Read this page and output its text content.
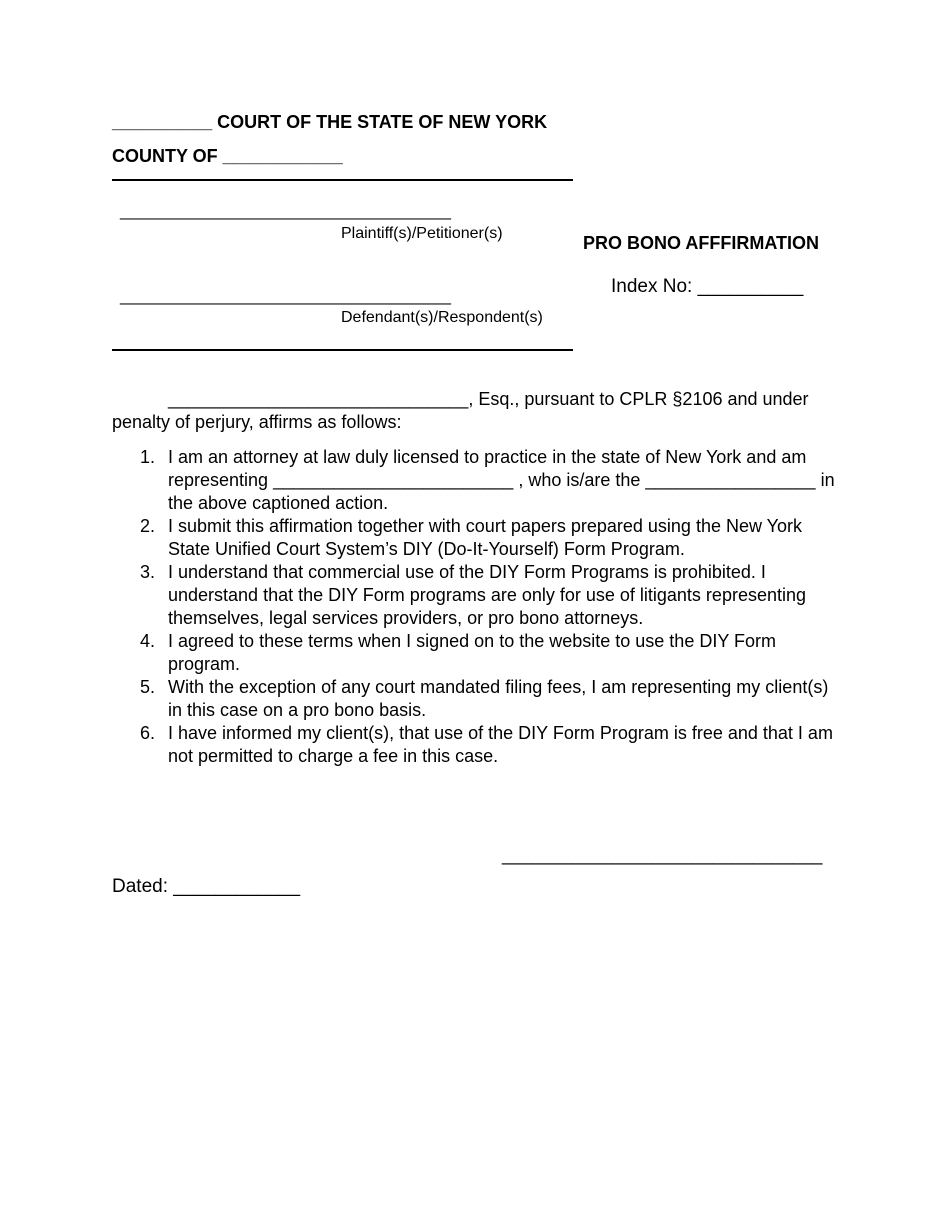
__________ COURT OF THE STATE OF NEW YORK
COUNTY OF ____________
___________________________________
Plaintiff(s)/Petitioner(s)
___________________________________
Defendant(s)/Respondent(s)
PRO BONO AFFFIRMATION
Index No: __________
______________________________, Esq., pursuant to CPLR §2106 and under
penalty of perjury, affirms as follows:
1. I am an attorney at law duly licensed to practice in the state of New York and am representing ________________________ , who is/are the _________________ in the above captioned action.
2. I submit this affirmation together with court papers prepared using the New York State Unified Court System’s DIY (Do-It-Yourself) Form Program.
3. I understand that commercial use of the DIY Form Programs is prohibited. I understand that the DIY Form programs are only for use of litigants representing themselves, legal services providers, or pro bono attorneys.
4. I agreed to these terms when I signed on to the website to use the DIY Form program.
5. With the exception of any court mandated filing fees, I am representing my client(s) in this case on a pro bono basis.
6. I have informed my client(s), that use of the DIY Form Program is free and that I am not permitted to charge a fee in this case.
________________________________
Dated: ____________
